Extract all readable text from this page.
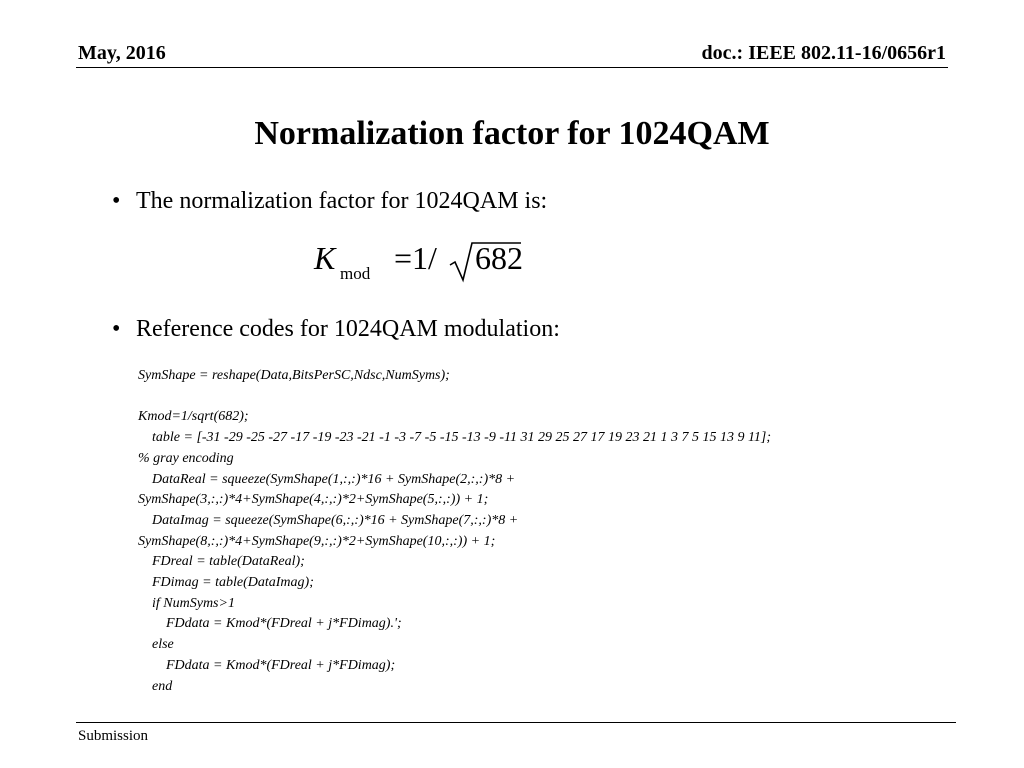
May, 2016	doc.: IEEE 802.11-16/0656r1
Normalization factor for 1024QAM
• The normalization factor for 1024QAM is:
K mod =1/ 682
• Reference codes for 1024QAM modulation:
SymShape = reshape(Data,BitsPerSC,Ndsc,NumSyms);

Kmod=1/sqrt(682);
table = [-31 -29 -25 -27 -17 -19 -23 -21 -1 -3 -7 -5 -15 -13 -9 -11 31 29 25 27 17 19 23 21 1 3 7 5 15 13 9 11];
% gray encoding
DataReal = squeeze(SymShape(1,:,:)*16 + SymShape(2,:,:)*8 +
SymShape(3,:,:)*4+SymShape(4,:,:)*2+SymShape(5,:,:)) + 1;
DataImag = squeeze(SymShape(6,:,:)*16 + SymShape(7,:,:)*8 +
SymShape(8,:,:)*4+SymShape(9,:,:)*2+SymShape(10,:,:)) + 1;
FDreal = table(DataReal);
FDimag = table(DataImag);
if NumSyms>1
FDdata = Kmod*(FDreal + j*FDimag).';
else
FDdata = Kmod*(FDreal + j*FDimag);
end
Submission
